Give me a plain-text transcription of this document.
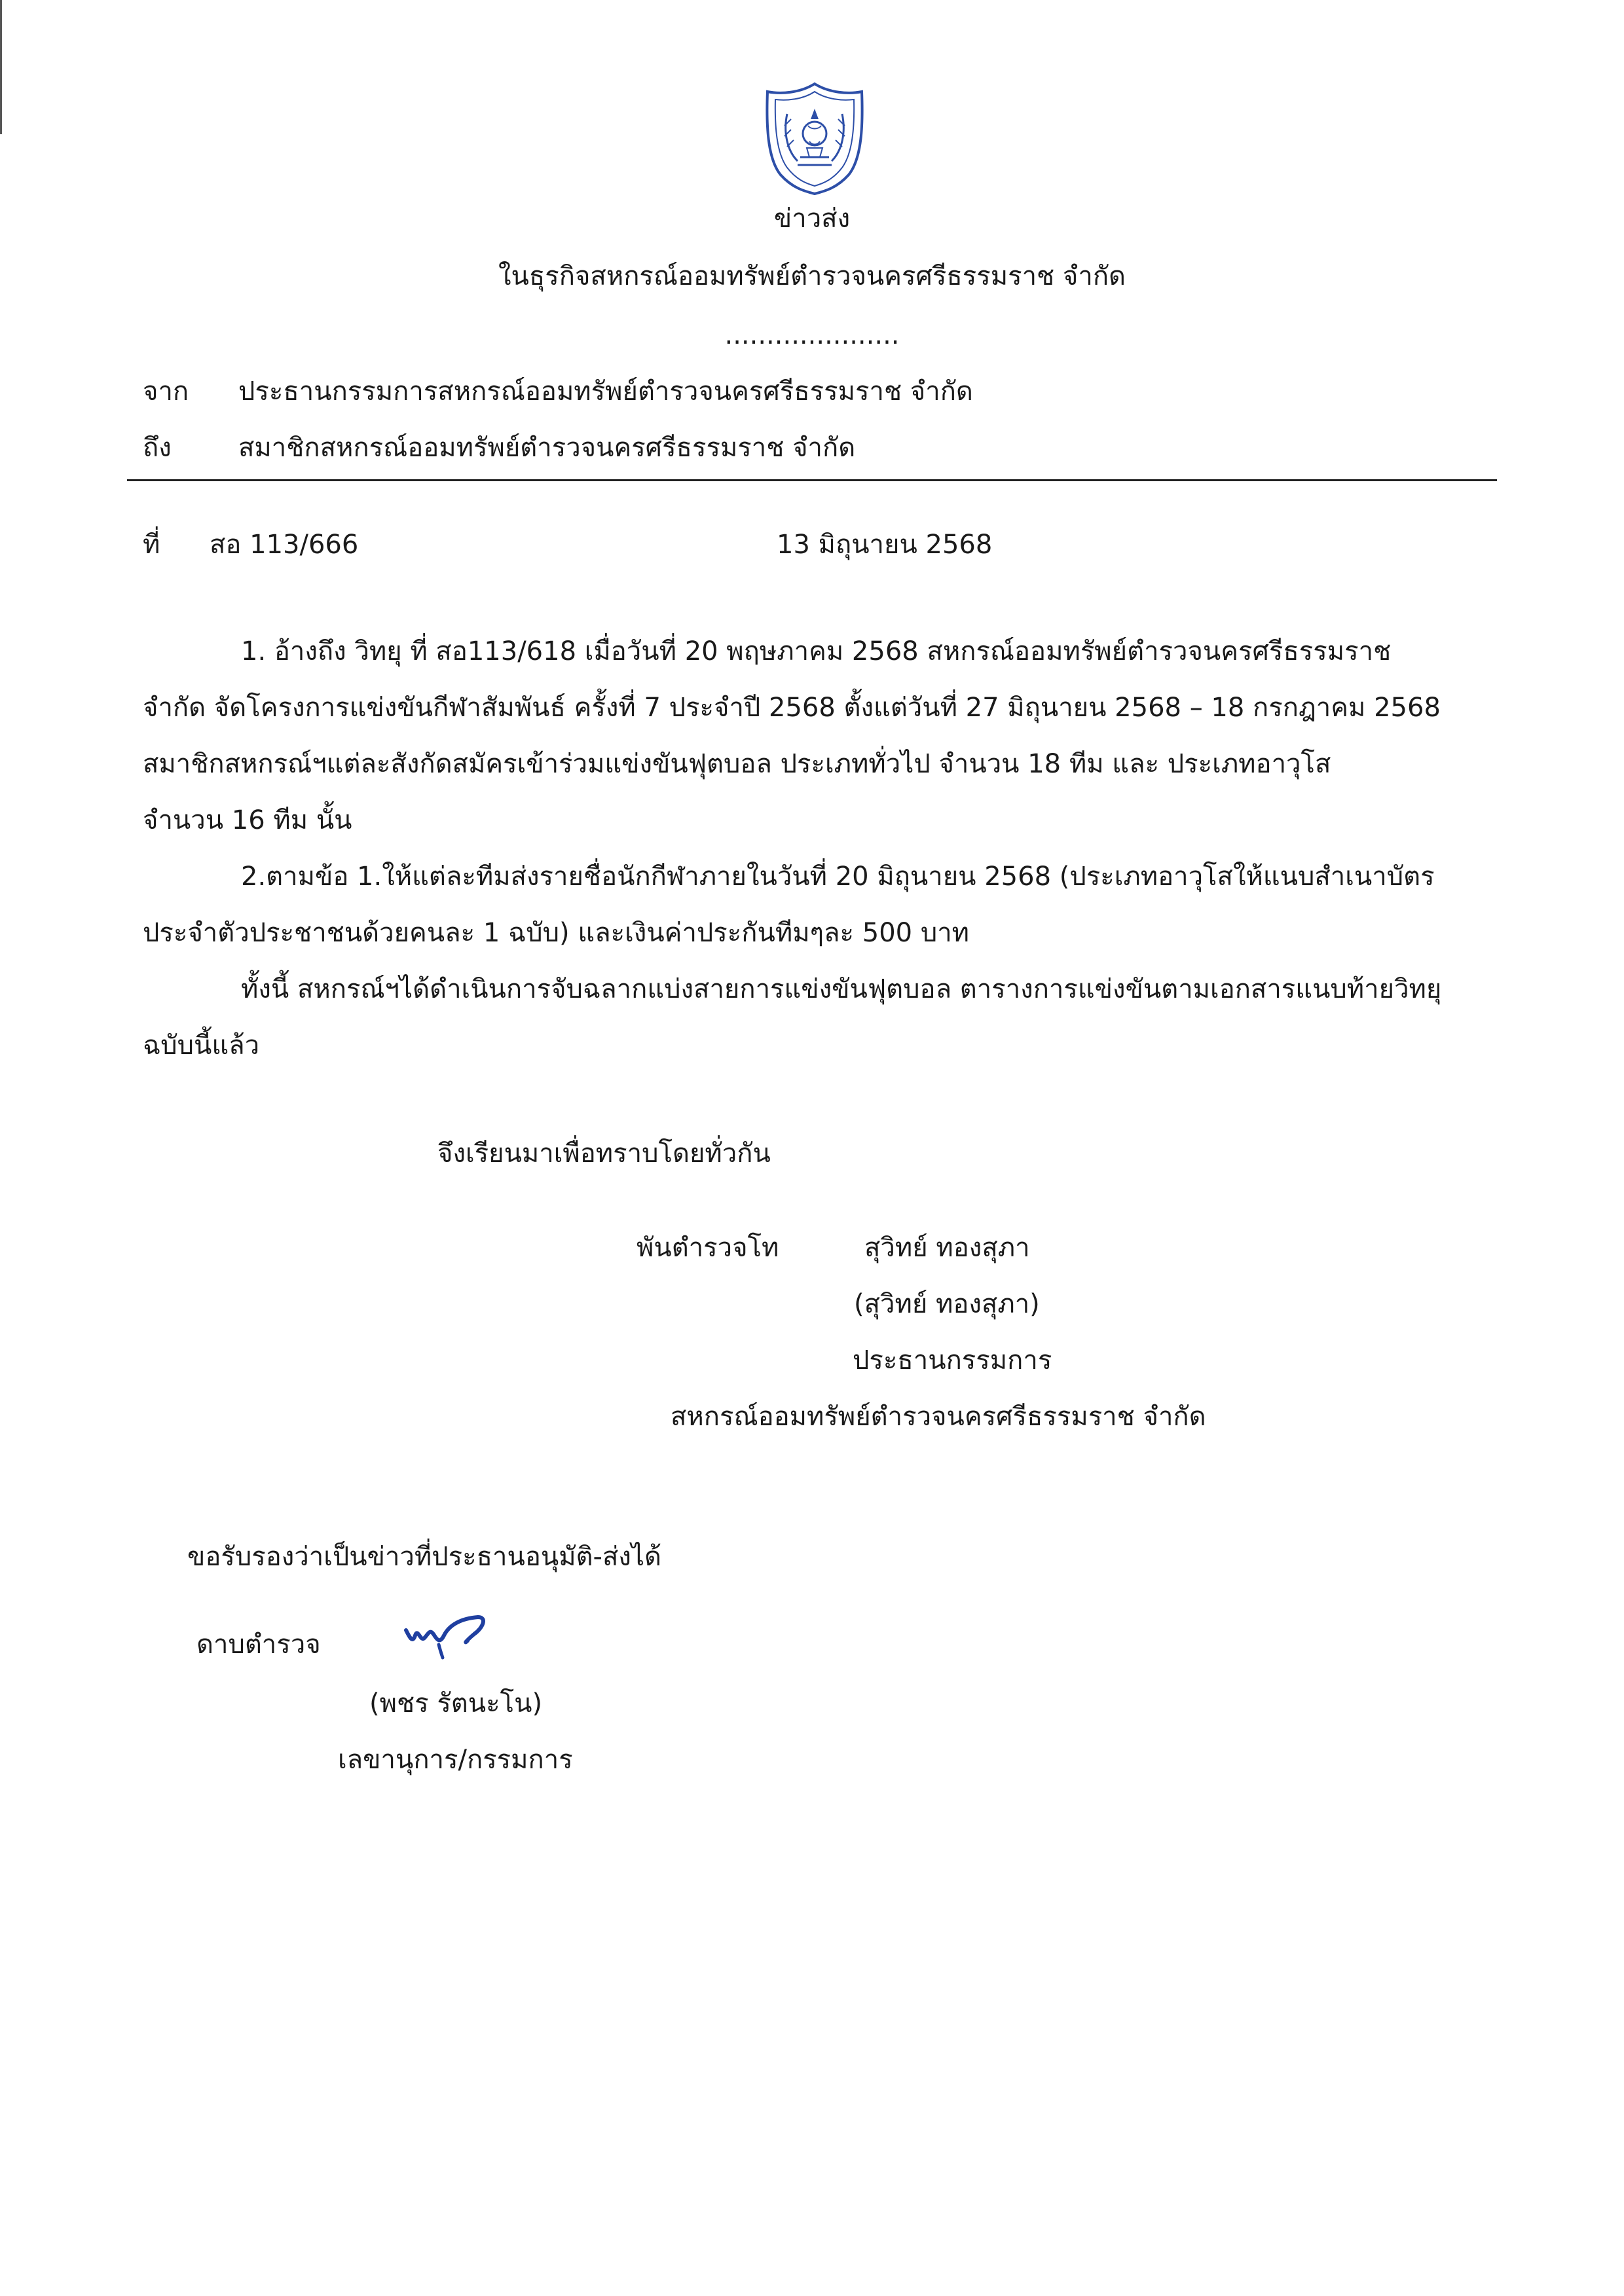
ข่าวส่ง
ในธุรกิจสหกรณ์ออมทรัพย์ตำรวจนครศรีธรรมราช จำกัด
.....................
จาก ประธานกรรมการสหกรณ์ออมทรัพย์ตำรวจนครศรีธรรมราช จำกัด
ถึง	สมาชิกสหกรณ์ออมทรัพย์ตำรวจนครศรีธรรมราช จำกัด
ที่ สอ 113/666	13 มิถุนายน 2568

1. อ้างถึง วิทยุ ที่ สอ113/618 เมื่อวันที่ 20 พฤษภาคม 2568 สหกรณ์ออมทรัพย์ตำรวจนครศรีธรรมราช

จำกัด จัดโครงการแข่งขันกีฬาสัมพันธ์ ครั้งที่ 7 ประจำปี 2568 ตั้งแต่วันที่ 27 มิถุนายน 2568 – 18 กรกฎาคม 2568

สมาชิกสหกรณ์ฯแต่ละสังกัดสมัครเข้าร่วมแข่งขันฟุตบอล ประเภททั่วไป จำนวน 18 ทีม และ ประเภทอาวุโส

จำนวน 16 ทีม นั้น

2.ตามข้อ 1.ให้แต่ละทีมส่งรายชื่อนักกีฬาภายในวันที่ 20 มิถุนายน 2568 (ประเภทอาวุโสให้แนบสำเนาบัตร

ประจำตัวประชาชนด้วยคนละ 1 ฉบับ) และเงินค่าประกันทีมๆละ 500 บาท

ทั้งนี้ สหกรณ์ฯได้ดำเนินการจับฉลากแบ่งสายการแข่งขันฟุตบอล ตารางการแข่งขันตามเอกสารแนบท้ายวิทยุ

ฉบับนี้แล้ว

จึงเรียนมาเพื่อทราบโดยทั่วกัน
พันตำรวจโท	สุวิทย์ ทองสุภา
(สุวิทย์ ทองสุภา)
ประธานกรรมการ
สหกรณ์ออมทรัพย์ตำรวจนครศรีธรรมราช จำกัด
ขอรับรองว่าเป็นข่าวที่ประธานอนุมัติ-ส่งได้
ดาบตำรวจ
(พชร รัตนะโน)
เลขานุการ/กรรมการ
